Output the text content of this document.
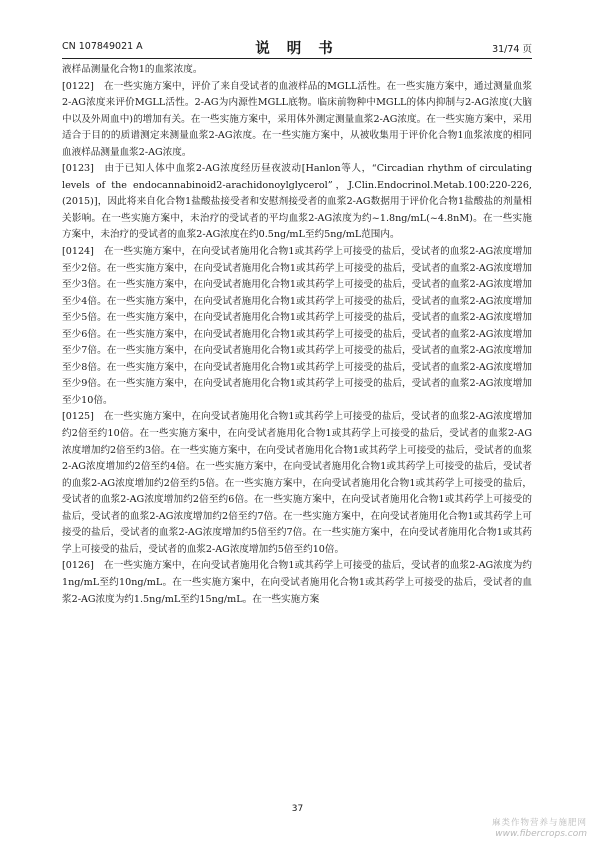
CN 107849021 A	说 明 书	31/74 页

液样品测量化合物1的血浆浓度。

[0122] 在一些实施方案中，评价了来自受试者的血液样品的MGLL活性。在一些实施方案中，通过测量血浆2-AG浓度来评价MGLL活性。2-AG为内源性MGLL底物。临床前物种中MGLL的体内抑制与2-AG浓度(大脑中以及外周血中)的增加有关。在一些实施方案中，采用体外测定测量血浆2-AG浓度。在一些实施方案中，采用适合于目的的质谱测定来测量血浆2-AG浓度。在一些实施方案中，从被收集用于评价化合物1血浆浓度的相同血液样品测量血浆2-AG浓度。

[0123] 由于已知人体中血浆2-AG浓度经历昼夜波动[Hanlon等人，“Circadian rhythm of circulating levels of the endocannabinoid2-arachidonoylglycerol”，J.Clin.Endocrinol.Metab.100:220-226,(2015)]，因此将来自化合物1盐酸盐接受者和安慰剂接受者的血浆2-AG数据用于评价化合物1盐酸盐的剂量相关影响。在一些实施方案中，未治疗的受试者的平均血浆2-AG浓度为约~1.8ng/mL(~4.8nM)。在一些实施方案中，未治疗的受试者的血浆2-AG浓度在约0.5ng/mL至约5ng/mL范围内。

[0124] 在一些实施方案中，在向受试者施用化合物1或其药学上可接受的盐后，受试者的血浆2-AG浓度增加至少2倍。在一些实施方案中，在向受试者施用化合物1或其药学上可接受的盐后，受试者的血浆2-AG浓度增加至少3倍。在一些实施方案中，在向受试者施用化合物1或其药学上可接受的盐后，受试者的血浆2-AG浓度增加至少4倍。在一些实施方案中，在向受试者施用化合物1或其药学上可接受的盐后，受试者的血浆2-AG浓度增加至少5倍。在一些实施方案中，在向受试者施用化合物1或其药学上可接受的盐后，受试者的血浆2-AG浓度增加至少6倍。在一些实施方案中，在向受试者施用化合物1或其药学上可接受的盐后，受试者的血浆2-AG浓度增加至少7倍。在一些实施方案中，在向受试者施用化合物1或其药学上可接受的盐后，受试者的血浆2-AG浓度增加至少8倍。在一些实施方案中，在向受试者施用化合物1或其药学上可接受的盐后，受试者的血浆2-AG浓度增加至少9倍。在一些实施方案中，在向受试者施用化合物1或其药学上可接受的盐后，受试者的血浆2-AG浓度增加至少10倍。

[0125] 在一些实施方案中，在向受试者施用化合物1或其药学上可接受的盐后，受试者的血浆2-AG浓度增加约2倍至约10倍。在一些实施方案中，在向受试者施用化合物1或其药学上可接受的盐后，受试者的血浆2-AG浓度增加约2倍至约3倍。在一些实施方案中，在向受试者施用化合物1或其药学上可接受的盐后，受试者的血浆2-AG浓度增加约2倍至约4倍。在一些实施方案中，在向受试者施用化合物1或其药学上可接受的盐后，受试者的血浆2-AG浓度增加约2倍至约5倍。在一些实施方案中，在向受试者施用化合物1或其药学上可接受的盐后，受试者的血浆2-AG浓度增加约2倍至约6倍。在一些实施方案中，在向受试者施用化合物1或其药学上可接受的盐后，受试者的血浆2-AG浓度增加约2倍至约7倍。在一些实施方案中，在向受试者施用化合物1或其药学上可接受的盐后，受试者的血浆2-AG浓度增加约5倍至约7倍。在一些实施方案中，在向受试者施用化合物1或其药学上可接受的盐后，受试者的血浆2-AG浓度增加约5倍至约10倍。

[0126] 在一些实施方案中，在向受试者施用化合物1或其药学上可接受的盐后，受试者的血浆2-AG浓度为约1ng/mL至约10ng/mL。在一些实施方案中，在向受试者施用化合物1或其药学上可接受的盐后，受试者的血浆2-AG浓度为约1.5ng/mL至约15ng/mL。在一些实施方案

37
麻类作物营养与施肥网
www.fibercrops.com
